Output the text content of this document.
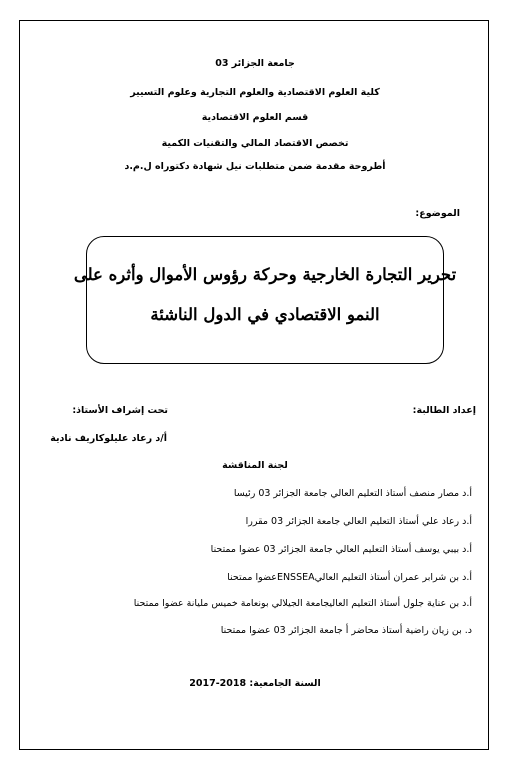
جامعة الجزائر 03
كلية العلوم الاقتصادية والعلوم التجارية وعلوم التسيير
قسم العلوم الاقتصادية
تخصص الاقتصاد المالي والتقنيات الكمية
أطروحة مقدمة ضمن متطلبات نيل شهادة دكتوراه ل.م.د
الموضوع:
تحرير التجارة الخارجية وحركة رؤوس الأموال وأثره على
النمو الاقتصادي في الدول الناشئة
إعداد الطالبة:
تحت إشراف الأستاذ:
أ/د رعاد عليلوكاريف نادية
لجنة المناقشة
أ.د مصار منصف أستاذ التعليم العالي جامعة الجزائر 03 رئيسا
أ.د رعاد علي أستاذ التعليم العالي جامعة الجزائر 03 مقررا
أ.د بيبي يوسف أستاذ التعليم العالي جامعة الجزائر 03 عضوا ممتحنا
أ.د بن شرابر عمران أستاذ التعليم العاليENSSEAعضوا ممتحنا
أ.د بن عناية جلول أستاذ التعليم العاليجامعة الجيلالي بونعامة خميس مليانة عضوا ممتحنا
د. بن زيان راضية أستاذ محاضر أ جامعة الجزائر 03 عضوا ممتحنا
2017-2018 السنة الجامعية:
